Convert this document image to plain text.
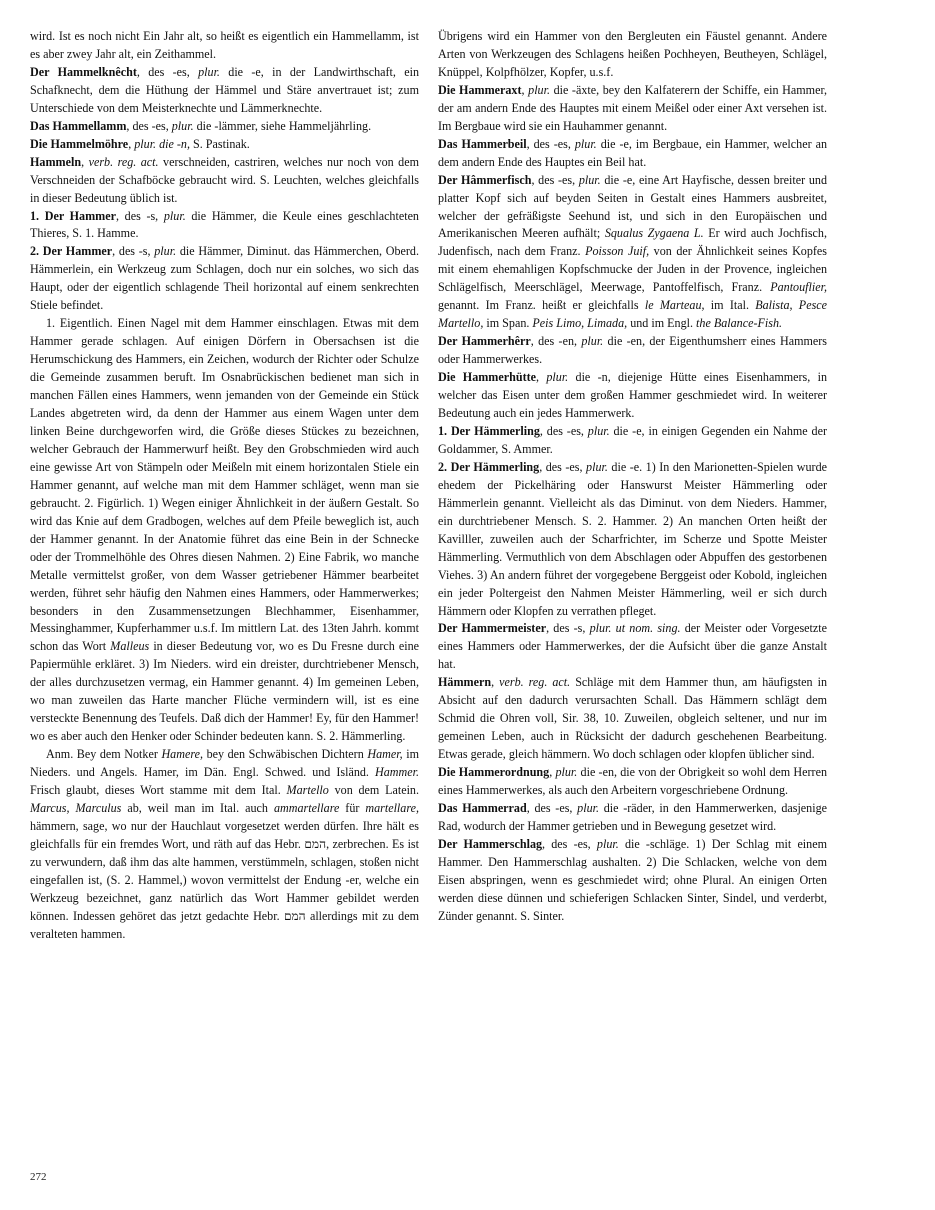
wird. Ist es noch nicht Ein Jahr alt, so heißt es eigentlich ein Hammellamm, ist es aber zwey Jahr alt, ein Zeithammel.

Der Hammelknêcht, des -es, plur. die -e, in der Landwirthschaft, ein Schafknecht, dem die Hüthung der Hämmel und Stäre anvertrauet ist; zum Unterschiede von dem Meisterknechte und Lämmerknechte.

Das Hammellamm, des -es, plur. die -lämmer, siehe Hammeljährling.

Die Hammelmöhre, plur. die -n, S. Pastinak.

Hammeln, verb. reg. act. verschneiden, castriren, welches nur noch von dem Verschneiden der Schafböcke gebraucht wird. S. Leuchten, welches gleichfalls in dieser Bedeutung üblich ist.

1. Der Hammer, des -s, plur. die Hämmer, die Keule eines geschlachteten Thieres, S. 1. Hamme.

2. Der Hammer, des -s, plur. die Hämmer, Diminut. das Hämmerchen, Oberd. Hämmerlein, ein Werkzeug zum Schlagen, doch nur ein solches, wo sich das Haupt, oder der eigentlich schlagende Theil horizontal auf einem senkrechten Stiele befindet.

1. Eigentlich. Einen Nagel mit dem Hammer einschlagen. Etwas mit dem Hammer gerade schlagen. Auf einigen Dörfern in Obersachsen ist die Herumschickung des Hammers, ein Zeichen, wodurch der Richter oder Schulze die Gemeinde zusammen beruft. Im Osnabrückischen bedienet man sich in manchen Fällen eines Hammers, wenn jemanden von der Gemeinde ein Stück Landes abgetreten wird, da denn der Hammer aus einem Wagen unter dem linken Beine durchgeworfen wird, die Größe dieses Stückes zu bezeichnen, welcher Gebrauch der Hammerwurf heißt. Bey den Grobschmieden wird auch eine gewisse Art von Stämpeln oder Meißeln mit einem horizontalen Stiele ein Hammer genannt, auf welche man mit dem Hammer schläget, wenn man sie gebraucht. 2. Figürlich. 1) Wegen einiger Ähnlichkeit in der äußern Gestalt. So wird das Knie auf dem Gradbogen, welches auf dem Pfeile beweglich ist, auch der Hammer genannt. In der Anatomie führet das eine Bein in der Schnecke oder der Trommelhöhle des Ohres diesen Nahmen. 2) Eine Fabrik, wo manche Metalle vermittelst großer, von dem Wasser getriebener Hämmer bearbeitet werden, führet sehr häufig den Nahmen eines Hammers, oder Hammerwerkes; besonders in den Zusammensetzungen Blechhammer, Eisenhammer, Messinghammer, Kupferhammer u.s.f. Im mittlern Lat. des 13ten Jahrh. kommt schon das Wort Malleus in dieser Bedeutung vor, wo es Du Fresne durch eine Papiermühle erkläret. 3) Im Nieders. wird ein dreister, durchtriebener Mensch, der alles durchzusetzen vermag, ein Hammer genannt. 4) Im gemeinen Leben, wo man zuweilen das Harte mancher Flüche vermindern will, ist es eine versteckte Benennung des Teufels. Daß dich der Hammer! Ey, für den Hammer! wo es aber auch den Henker oder Schinder bedeuten kann. S. 2. Hämmerling.

Anm. Bey dem Notker Hamere, bey den Schwäbischen Dichtern Hamer, im Nieders. und Angels. Hamer, im Dän. Engl. Schwed. und Isländ. Hammer. Frisch glaubt, dieses Wort stamme mit dem Ital. Martello von dem Latein. Marcus, Marculus ab, weil man im Ital. auch ammartellare für martellare, hämmern, sage, wo nur der Hauchlaut vorgesetzet werden dürfen. Ihre hält es gleichfalls für ein fremdes Wort, und räth auf das Hebr. המם, zerbrechen. Es ist zu verwundern, daß ihm das alte hammen, verstümmeln, schlagen, stoßen nicht eingefallen ist, (S. 2. Hammel,) wovon vermittelst der Endung -er, welche ein Werkzeug bezeichnet, ganz natürlich das Wort Hammer gebildet werden können. Indessen gehöret das jetzt gedachte Hebr. המם allerdings mit zu dem veralteten hammen.

Übrigens wird ein Hammer von den Bergleuten ein Fäustel genannt. Andere Arten von Werkzeugen des Schlagens heißen Pochheyen, Beutheyen, Schlägel, Knüppel, Kolpfhölzer, Kopfer, u.s.f.

Die Hammeraxt, plur. die -äxte, bey den Kalfaterern der Schiffe, ein Hammer, der am andern Ende des Hauptes mit einem Meißel oder einer Axt versehen ist. Im Bergbaue wird sie ein Hauhammer genannt.

Das Hammerbeil, des -es, plur. die -e, im Bergbaue, ein Hammer, welcher an dem andern Ende des Hauptes ein Beil hat.

Der Hâmmerfisch, des -es, plur. die -e, eine Art Hayfische, dessen breiter und platter Kopf sich auf beyden Seiten in Gestalt eines Hammers ausbreitet, welcher der gefräßigste Seehund ist, und sich in den Europäischen und Amerikanischen Meeren aufhält; Squalus Zygaena L. Er wird auch Jochfisch, Judenfisch, nach dem Franz. Poisson Juif, von der Ähnlichkeit seines Kopfes mit einem ehemahligen Kopfschmucke der Juden in der Provence, ingleichen Schlägelfisch, Meerschlägel, Meerwage, Pantoffelfisch, Franz. Pantouflier, genannt. Im Franz. heißt er gleichfalls le Marteau, im Ital. Balista, Pesce Martello, im Span. Peis Limo, Limada, und im Engl. the Balance-Fish.

Der Hammerhêrr, des -en, plur. die -en, der Eigenthumsherr eines Hammers oder Hammerwerkes.

Die Hammerhütte, plur. die -n, diejenige Hütte eines Eisenhammers, in welcher das Eisen unter dem großen Hammer geschmiedet wird. In weiterer Bedeutung auch ein jedes Hammerwerk.

1. Der Hämmerling, des -es, plur. die -e, in einigen Gegenden ein Nahme der Goldammer, S. Ammer.

2. Der Hämmerling, des -es, plur. die -e. 1) In den Marionetten-Spielen wurde ehedem der Pickelhäring oder Hanswurst Meister Hämmerling oder Hämmerlein genannt. Vielleicht als das Diminut. von dem Nieders. Hammer, ein durchtriebener Mensch. S. 2. Hammer. 2) An manchen Orten heißt der Kavilller, zuweilen auch der Scharfrichter, im Scherze und Spotte Meister Hämmerling. Vermuthlich von dem Abschlagen oder Abpuffen des gestorbenen Viehes. 3) An andern führet der vorgegebene Berggeist oder Kobold, ingleichen ein jeder Poltergeist den Nahmen Meister Hämmerling, weil er sich durch Hämmern oder Klopfen zu verrathen pfleget.

Der Hammermeister, des -s, plur. ut nom. sing. der Meister oder Vorgesetzte eines Hammers oder Hammerwerkes, der die Aufsicht über die ganze Anstalt hat.

Hämmern, verb. reg. act. Schläge mit dem Hammer thun, am häufigsten in Absicht auf den dadurch verursachten Schall. Das Hämmern schlägt dem Schmid die Ohren voll, Sir. 38, 10. Zuweilen, obgleich seltener, und nur im gemeinen Leben, auch in Rücksicht der dadurch geschehenen Bearbeitung. Etwas gerade, gleich hämmern. Wo doch schlagen oder klopfen üblicher sind.

Die Hammerordnung, plur. die -en, die von der Obrigkeit so wohl dem Herren eines Hammerwerkes, als auch den Arbeitern vorgeschriebene Ordnung.

Das Hammerrad, des -es, plur. die -räder, in den Hammerwerken, dasjenige Rad, wodurch der Hammer getrieben und in Bewegung gesetzet wird.

Der Hammerschlag, des -es, plur. die -schläge. 1) Der Schlag mit einem Hammer. Den Hammerschlag aushalten. 2) Die Schlacken, welche von dem Eisen abspringen, wenn es geschmiedet wird; ohne Plural. An einigen Orten werden diese dünnen und schieferigen Schlacken Sinter, Sindel, und verderbt, Zünder genannt. S. Sinter.

272
